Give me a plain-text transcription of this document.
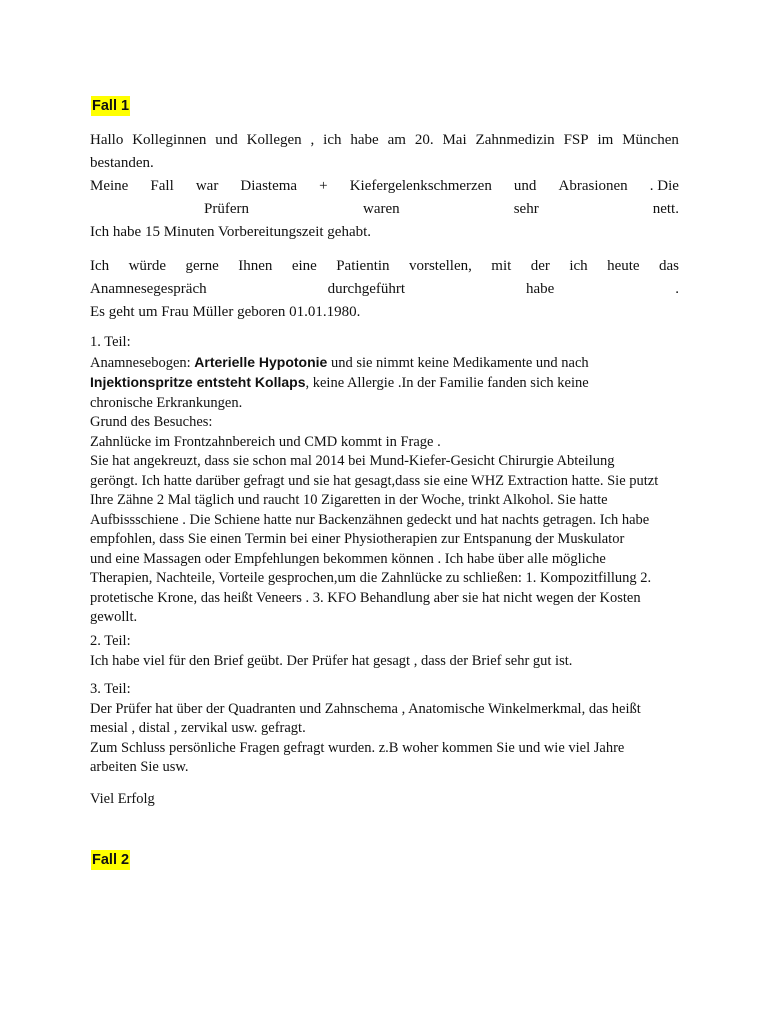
Fall 1
Hallo Kolleginnen und Kollegen , ich habe am 20. Mai Zahnmedizin FSP im München
bestanden.
Meine Fall war Diastema + Kiefergelenkschmerzen und Abrasionen . Die
Prüfern	waren	sehr	nett.
Ich habe 15 Minuten Vorbereitungszeit gehabt.
Ich würde gerne Ihnen eine Patientin vorstellen, mit der ich heute das
Anamnesegespräch	durchgeführt	habe	.
Es geht um Frau Müller geboren 01.01.1980.
1. Teil:
Anamnesebogen: Arterielle Hypotonie und sie nimmt keine Medikamente und nach
Injektionspritze entsteht Kollaps, keine Allergie .In der Familie fanden sich keine
chronische Erkrankungen.
Grund des Besuches:
Zahnlücke im Frontzahnbereich und CMD kommt in Frage .
Sie hat angekreuzt, dass sie schon mal 2014 bei Mund-Kiefer-Gesicht Chirurgie Abteilung
geröngt. Ich hatte darüber gefragt und sie hat gesagt,dass sie eine WHZ Extraction hatte. Sie putzt
Ihre Zähne 2 Mal täglich und raucht 10 Zigaretten in der Woche, trinkt Alkohol. Sie hatte
Aufbissschiene . Die Schiene hatte nur Backenzähnen gedeckt und hat nachts getragen. Ich habe
empfohlen, dass Sie einen Termin bei einer Physiotherapien zur Entspanung der Muskulator
und eine Massagen oder Empfehlungen bekommen können . Ich habe über alle mögliche
Therapien, Nachteile, Vorteile gesprochen,um die Zahnlücke zu schließen: 1. Kompozitfillung 2.
protetische Krone, das heißt Veneers . 3. KFO Behandlung aber sie hat nicht wegen der Kosten
gewollt.
2. Teil:
Ich habe viel für den Brief geübt. Der Prüfer hat gesagt , dass der Brief sehr gut ist.
3. Teil:
Der Prüfer hat über der Quadranten und Zahnschema , Anatomische Winkelmerkmal, das heißt
mesial , distal , zervikal usw. gefragt.
Zum Schluss persönliche Fragen gefragt wurden. z.B woher kommen Sie und wie viel Jahre
arbeiten Sie usw.
Viel Erfolg
Fall 2
